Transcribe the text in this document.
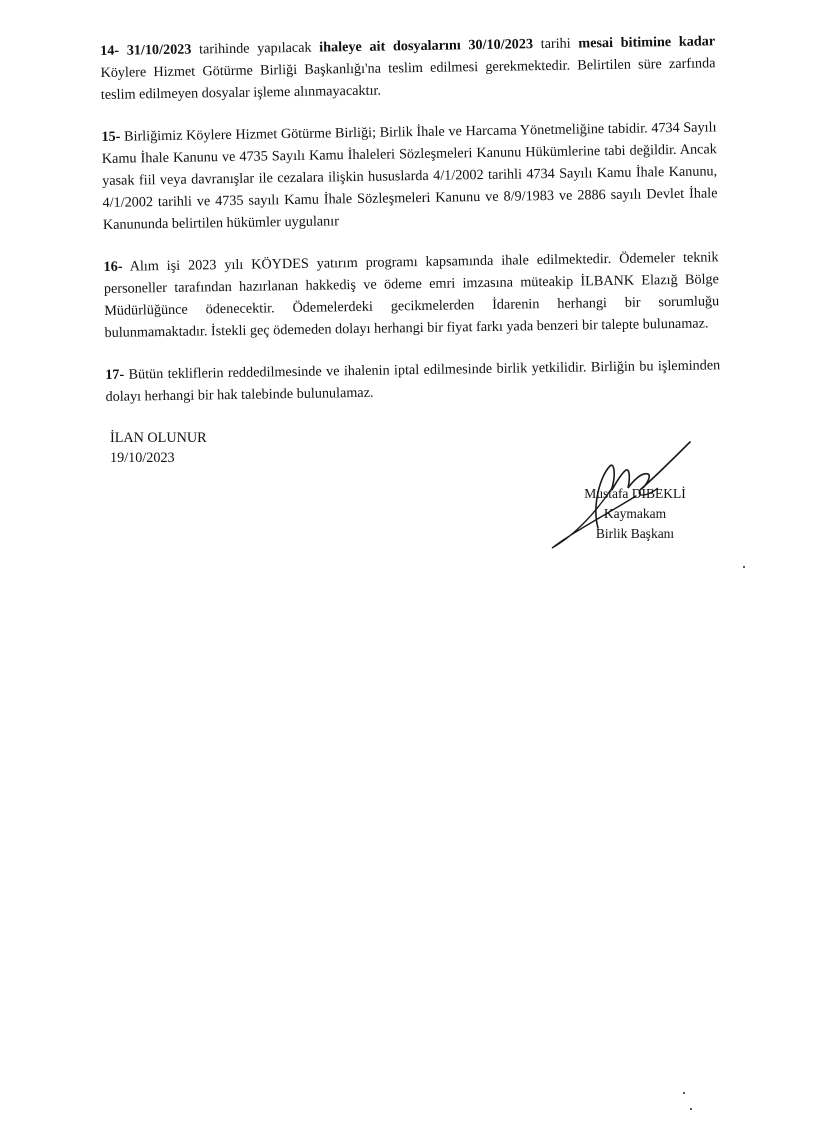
14- 31/10/2023 tarihinde yapılacak ihaleye ait dosyalarını 30/10/2023 tarihi mesai bitimine kadar Köylere Hizmet Götürme Birliği Başkanlığı'na teslim edilmesi gerekmektedir. Belirtilen süre zarfında teslim edilmeyen dosyalar işleme alınmayacaktır.

15- Birliğimiz Köylere Hizmet Götürme Birliği; Birlik İhale ve Harcama Yönetmeliğine tabidir. 4734 Sayılı Kamu İhale Kanunu ve 4735 Sayılı Kamu İhaleleri Sözleşmeleri Kanunu Hükümlerine tabi değildir. Ancak yasak fiil veya davranışlar ile cezalara ilişkin hususlarda 4/1/2002 tarihli 4734 Sayılı Kamu İhale Kanunu, 4/1/2002 tarihli ve 4735 sayılı Kamu İhale Sözleşmeleri Kanunu ve 8/9/1983 ve 2886 sayılı Devlet İhale Kanununda belirtilen hükümler uygulanır

16- Alım işi 2023 yılı KÖYDES yatırım programı kapsamında ihale edilmektedir. Ödemeler teknik personeller tarafından hazırlanan hakkediş ve ödeme emri imzasına müteakip İLBANK Elazığ Bölge Müdürlüğünce ödenecektir. Ödemelerdeki gecikmelerden İdarenin herhangi bir sorumluğu bulunmamaktadır. İstekli geç ödemeden dolayı herhangi bir fiyat farkı yada benzeri bir talepte bulunamaz.

17- Bütün tekliflerin reddedilmesinde ve ihalenin iptal edilmesinde birlik yetkilidir. Birliğin bu işleminden dolayı herhangi bir hak talebinde bulunulamaz.

İLAN OLUNUR
19/10/2023
Mustafa DİBEKLİ
Kaymakam
Birlik Başkanı
